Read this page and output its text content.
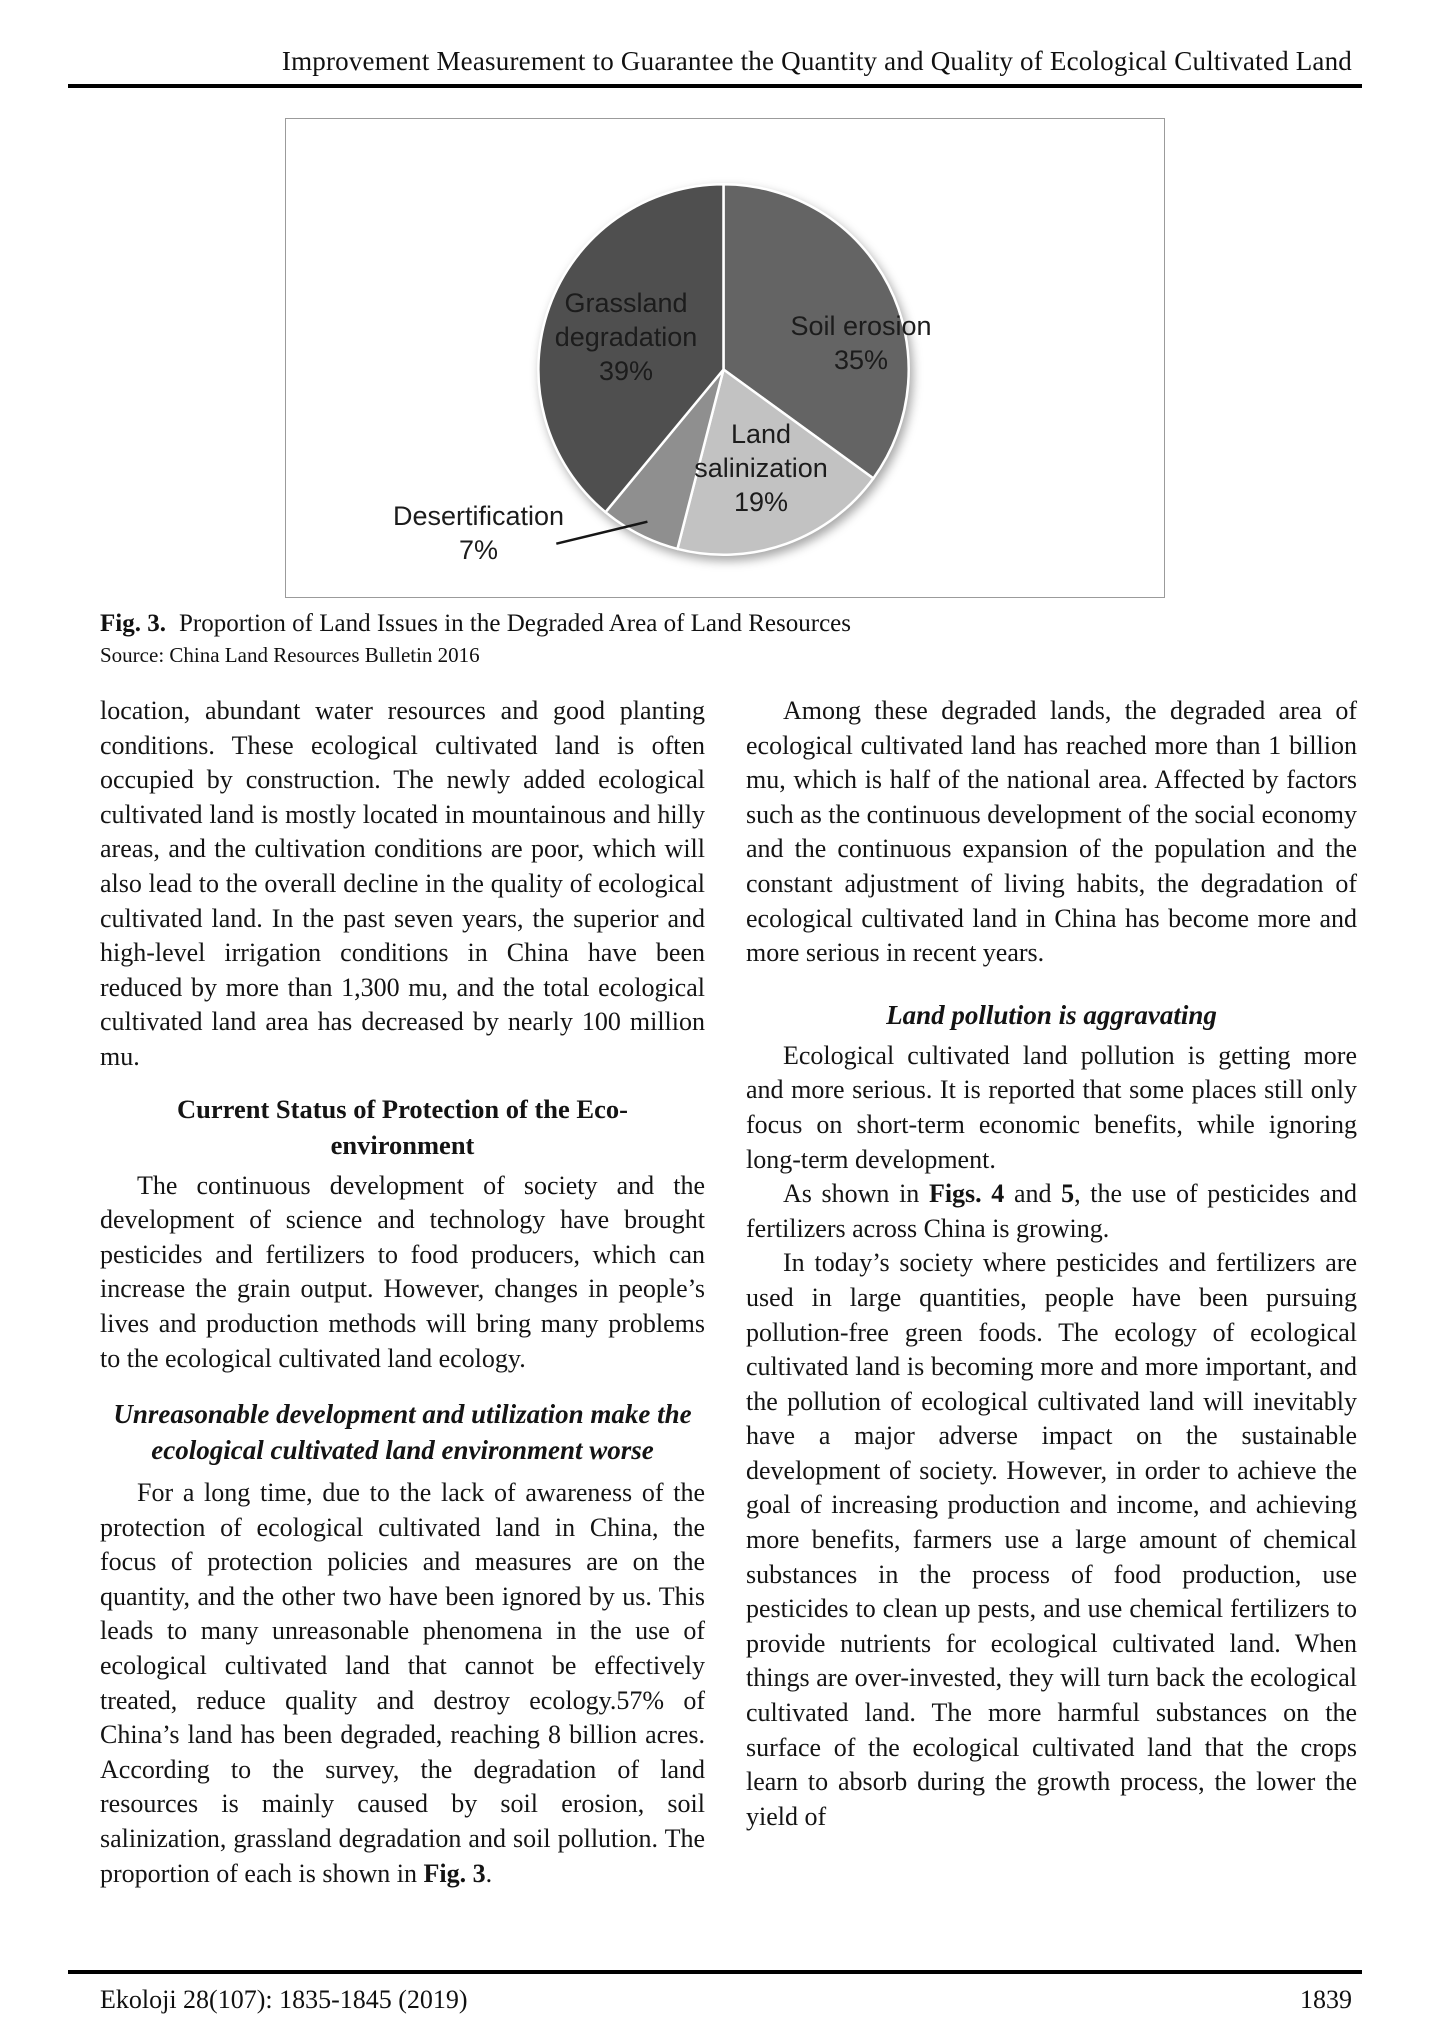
Improvement Measurement to Guarantee the Quantity and Quality of Ecological Cultivated Land
Grassland
degradation
39%
Soil erosion
35%
Land
salinization
19%
Desertification
7%
Fig. 3. Proportion of Land Issues in the Degraded Area of Land Resources
Source: China Land Resources Bulletin 2016

location, abundant water resources and good planting conditions. These ecological cultivated land is often occupied by construction. The newly added ecological cultivated land is mostly located in mountainous and hilly areas, and the cultivation conditions are poor, which will also lead to the overall decline in the quality of ecological cultivated land. In the past seven years, the superior and high-level irrigation conditions in China have been reduced by more than 1,300 mu, and the total ecological cultivated land area has decreased by nearly 100 million mu.

Current Status of Protection of the Eco-environment

The continuous development of society and the development of science and technology have brought pesticides and fertilizers to food producers, which can increase the grain output. However, changes in people’s lives and production methods will bring many problems to the ecological cultivated land ecology.

Unreasonable development and utilization make the ecological cultivated land environment worse

For a long time, due to the lack of awareness of the protection of ecological cultivated land in China, the focus of protection policies and measures are on the quantity, and the other two have been ignored by us. This leads to many unreasonable phenomena in the use of ecological cultivated land that cannot be effectively treated, reduce quality and destroy ecology.57% of China’s land has been degraded, reaching 8 billion acres. According to the survey, the degradation of land resources is mainly caused by soil erosion, soil salinization, grassland degradation and soil pollution. The proportion of each is shown in Fig. 3.

Among these degraded lands, the degraded area of ecological cultivated land has reached more than 1 billion mu, which is half of the national area. Affected by factors such as the continuous development of the social economy and the continuous expansion of the population and the constant adjustment of living habits, the degradation of ecological cultivated land in China has become more and more serious in recent years.

Land pollution is aggravating

Ecological cultivated land pollution is getting more and more serious. It is reported that some places still only focus on short-term economic benefits, while ignoring long-term development.

As shown in Figs. 4 and 5, the use of pesticides and fertilizers across China is growing.

In today’s society where pesticides and fertilizers are used in large quantities, people have been pursuing pollution-free green foods. The ecology of ecological cultivated land is becoming more and more important, and the pollution of ecological cultivated land will inevitably have a major adverse impact on the sustainable development of society. However, in order to achieve the goal of increasing production and income, and achieving more benefits, farmers use a large amount of chemical substances in the process of food production, use pesticides to clean up pests, and use chemical fertilizers to provide nutrients for ecological cultivated land. When things are over-invested, they will turn back the ecological cultivated land. The more harmful substances on the surface of the ecological cultivated land that the crops learn to absorb during the growth process, the lower the yield of

Ekoloji 28(107): 1835-1845 (2019)	1839
